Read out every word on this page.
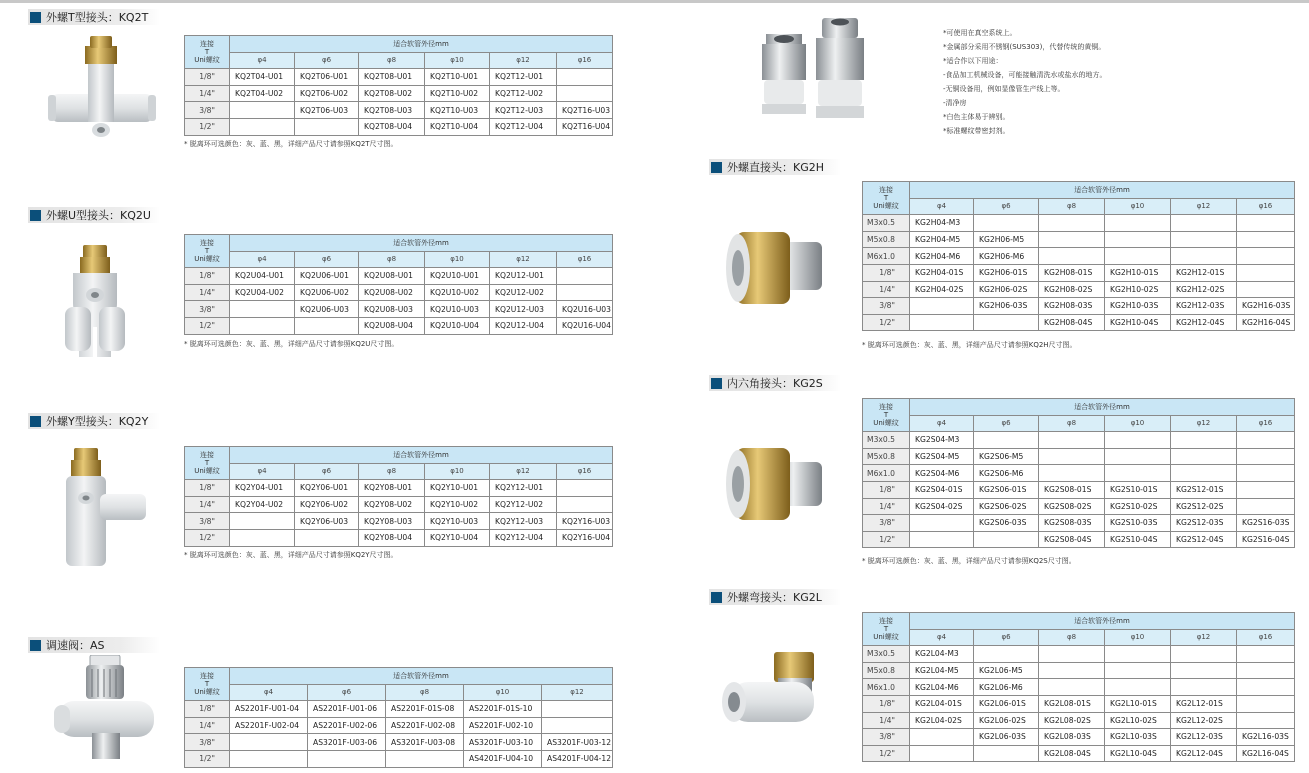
外螺T型接头：KQ2T
外螺U型接头：KQ2U
外螺Y型接头：KQ2Y
调速阀：AS
外螺直接头：KG2H
内六角接头：KG2S
外螺弯接头：KG2L
*可使用在真空系统上。
*金属部分采用不锈钢(SUS303)，代替传统的黄铜。
*适合作以下用途：
-食品加工机械设备，可能接触清洗水或盐水的地方。
-无铜设备用，例如显像管生产线上等。
-清净房
*白色主体易于辨别。
*标准螺纹带密封剂。
连接
T
Uni螺纹	适合软管外径mm					
	φ4	φ6	φ8	φ10	φ12	φ16
1/8"	KQ2T04-U01	KQ2T06-U01	KQ2T08-U01	KQ2T10-U01	KQ2T12-U01	
1/4"	KQ2T04-U02	KQ2T06-U02	KQ2T08-U02	KQ2T10-U02	KQ2T12-U02	
3/8"		KQ2T06-U03	KQ2T08-U03	KQ2T10-U03	KQ2T12-U03	KQ2T16-U03
1/2"			KQ2T08-U04	KQ2T10-U04	KQ2T12-U04	KQ2T16-U04
* 脱离环可选颜色：灰、蓝、黑，详细产品尺寸请参照KQ2T尺寸图。
连接
T
Uni螺纹	适合软管外径mm					
	φ4	φ6	φ8	φ10	φ12	φ16
1/8"	KQ2U04-U01	KQ2U06-U01	KQ2U08-U01	KQ2U10-U01	KQ2U12-U01	
1/4"	KQ2U04-U02	KQ2U06-U02	KQ2U08-U02	KQ2U10-U02	KQ2U12-U02	
3/8"		KQ2U06-U03	KQ2U08-U03	KQ2U10-U03	KQ2U12-U03	KQ2U16-U03
1/2"			KQ2U08-U04	KQ2U10-U04	KQ2U12-U04	KQ2U16-U04
* 脱离环可选颜色：灰、蓝、黑，详细产品尺寸请参照KQ2U尺寸图。
连接
T
Uni螺纹	适合软管外径mm					
	φ4	φ6	φ8	φ10	φ12	φ16
1/8"	KQ2Y04-U01	KQ2Y06-U01	KQ2Y08-U01	KQ2Y10-U01	KQ2Y12-U01	
1/4"	KQ2Y04-U02	KQ2Y06-U02	KQ2Y08-U02	KQ2Y10-U02	KQ2Y12-U02	
3/8"		KQ2Y06-U03	KQ2Y08-U03	KQ2Y10-U03	KQ2Y12-U03	KQ2Y16-U03
1/2"			KQ2Y08-U04	KQ2Y10-U04	KQ2Y12-U04	KQ2Y16-U04
* 脱离环可选颜色：灰、蓝、黑，详细产品尺寸请参照KQ2Y尺寸图。
连接
T
Uni螺纹	适合软管外径mm				
	φ4	φ6	φ8	φ10	φ12
1/8"	AS2201F-U01-04	AS2201F-U01-06	AS2201F-01S-08	AS2201F-01S-10	
1/4"	AS2201F-U02-04	AS2201F-U02-06	AS2201F-U02-08	AS2201F-U02-10	
3/8"		AS3201F-U03-06	AS3201F-U03-08	AS3201F-U03-10	AS3201F-U03-12
1/2"				AS4201F-U04-10	AS4201F-U04-12
连接
T
Uni螺纹	适合软管外径mm					
	φ4	φ6	φ8	φ10	φ12	φ16
M3x0.5	KG2H04-M3					
M5x0.8	KG2H04-M5	KG2H06-M5				
M6x1.0	KG2H04-M6	KG2H06-M6				
1/8"	KG2H04-01S	KG2H06-01S	KG2H08-01S	KG2H10-01S	KG2H12-01S	
1/4"	KG2H04-02S	KG2H06-02S	KG2H08-02S	KG2H10-02S	KG2H12-02S	
3/8"		KG2H06-03S	KG2H08-03S	KG2H10-03S	KG2H12-03S	KG2H16-03S
1/2"			KG2H08-04S	KG2H10-04S	KG2H12-04S	KG2H16-04S
* 脱离环可选颜色：灰、蓝、黑，详细产品尺寸请参照KQ2H尺寸图。
连接
T
Uni螺纹	适合软管外径mm					
	φ4	φ6	φ8	φ10	φ12	φ16
M3x0.5	KG2S04-M3					
M5x0.8	KG2S04-M5	KG2S06-M5				
M6x1.0	KG2S04-M6	KG2S06-M6				
1/8"	KG2S04-01S	KG2S06-01S	KG2S08-01S	KG2S10-01S	KG2S12-01S	
1/4"	KG2S04-02S	KG2S06-02S	KG2S08-02S	KG2S10-02S	KG2S12-02S	
3/8"		KG2S06-03S	KG2S08-03S	KG2S10-03S	KG2S12-03S	KG2S16-03S
1/2"			KG2S08-04S	KG2S10-04S	KG2S12-04S	KG2S16-04S
* 脱离环可选颜色：灰、蓝、黑，详细产品尺寸请参照KQ2S尺寸图。
连接
T
Uni螺纹	适合软管外径mm					
	φ4	φ6	φ8	φ10	φ12	φ16
M3x0.5	KG2L04-M3					
M5x0.8	KG2L04-M5	KG2L06-M5				
M6x1.0	KG2L04-M6	KG2L06-M6				
1/8"	KG2L04-01S	KG2L06-01S	KG2L08-01S	KG2L10-01S	KG2L12-01S	
1/4"	KG2L04-02S	KG2L06-02S	KG2L08-02S	KG2L10-02S	KG2L12-02S	
3/8"		KG2L06-03S	KG2L08-03S	KG2L10-03S	KG2L12-03S	KG2L16-03S
1/2"			KG2L08-04S	KG2L10-04S	KG2L12-04S	KG2L16-04S
